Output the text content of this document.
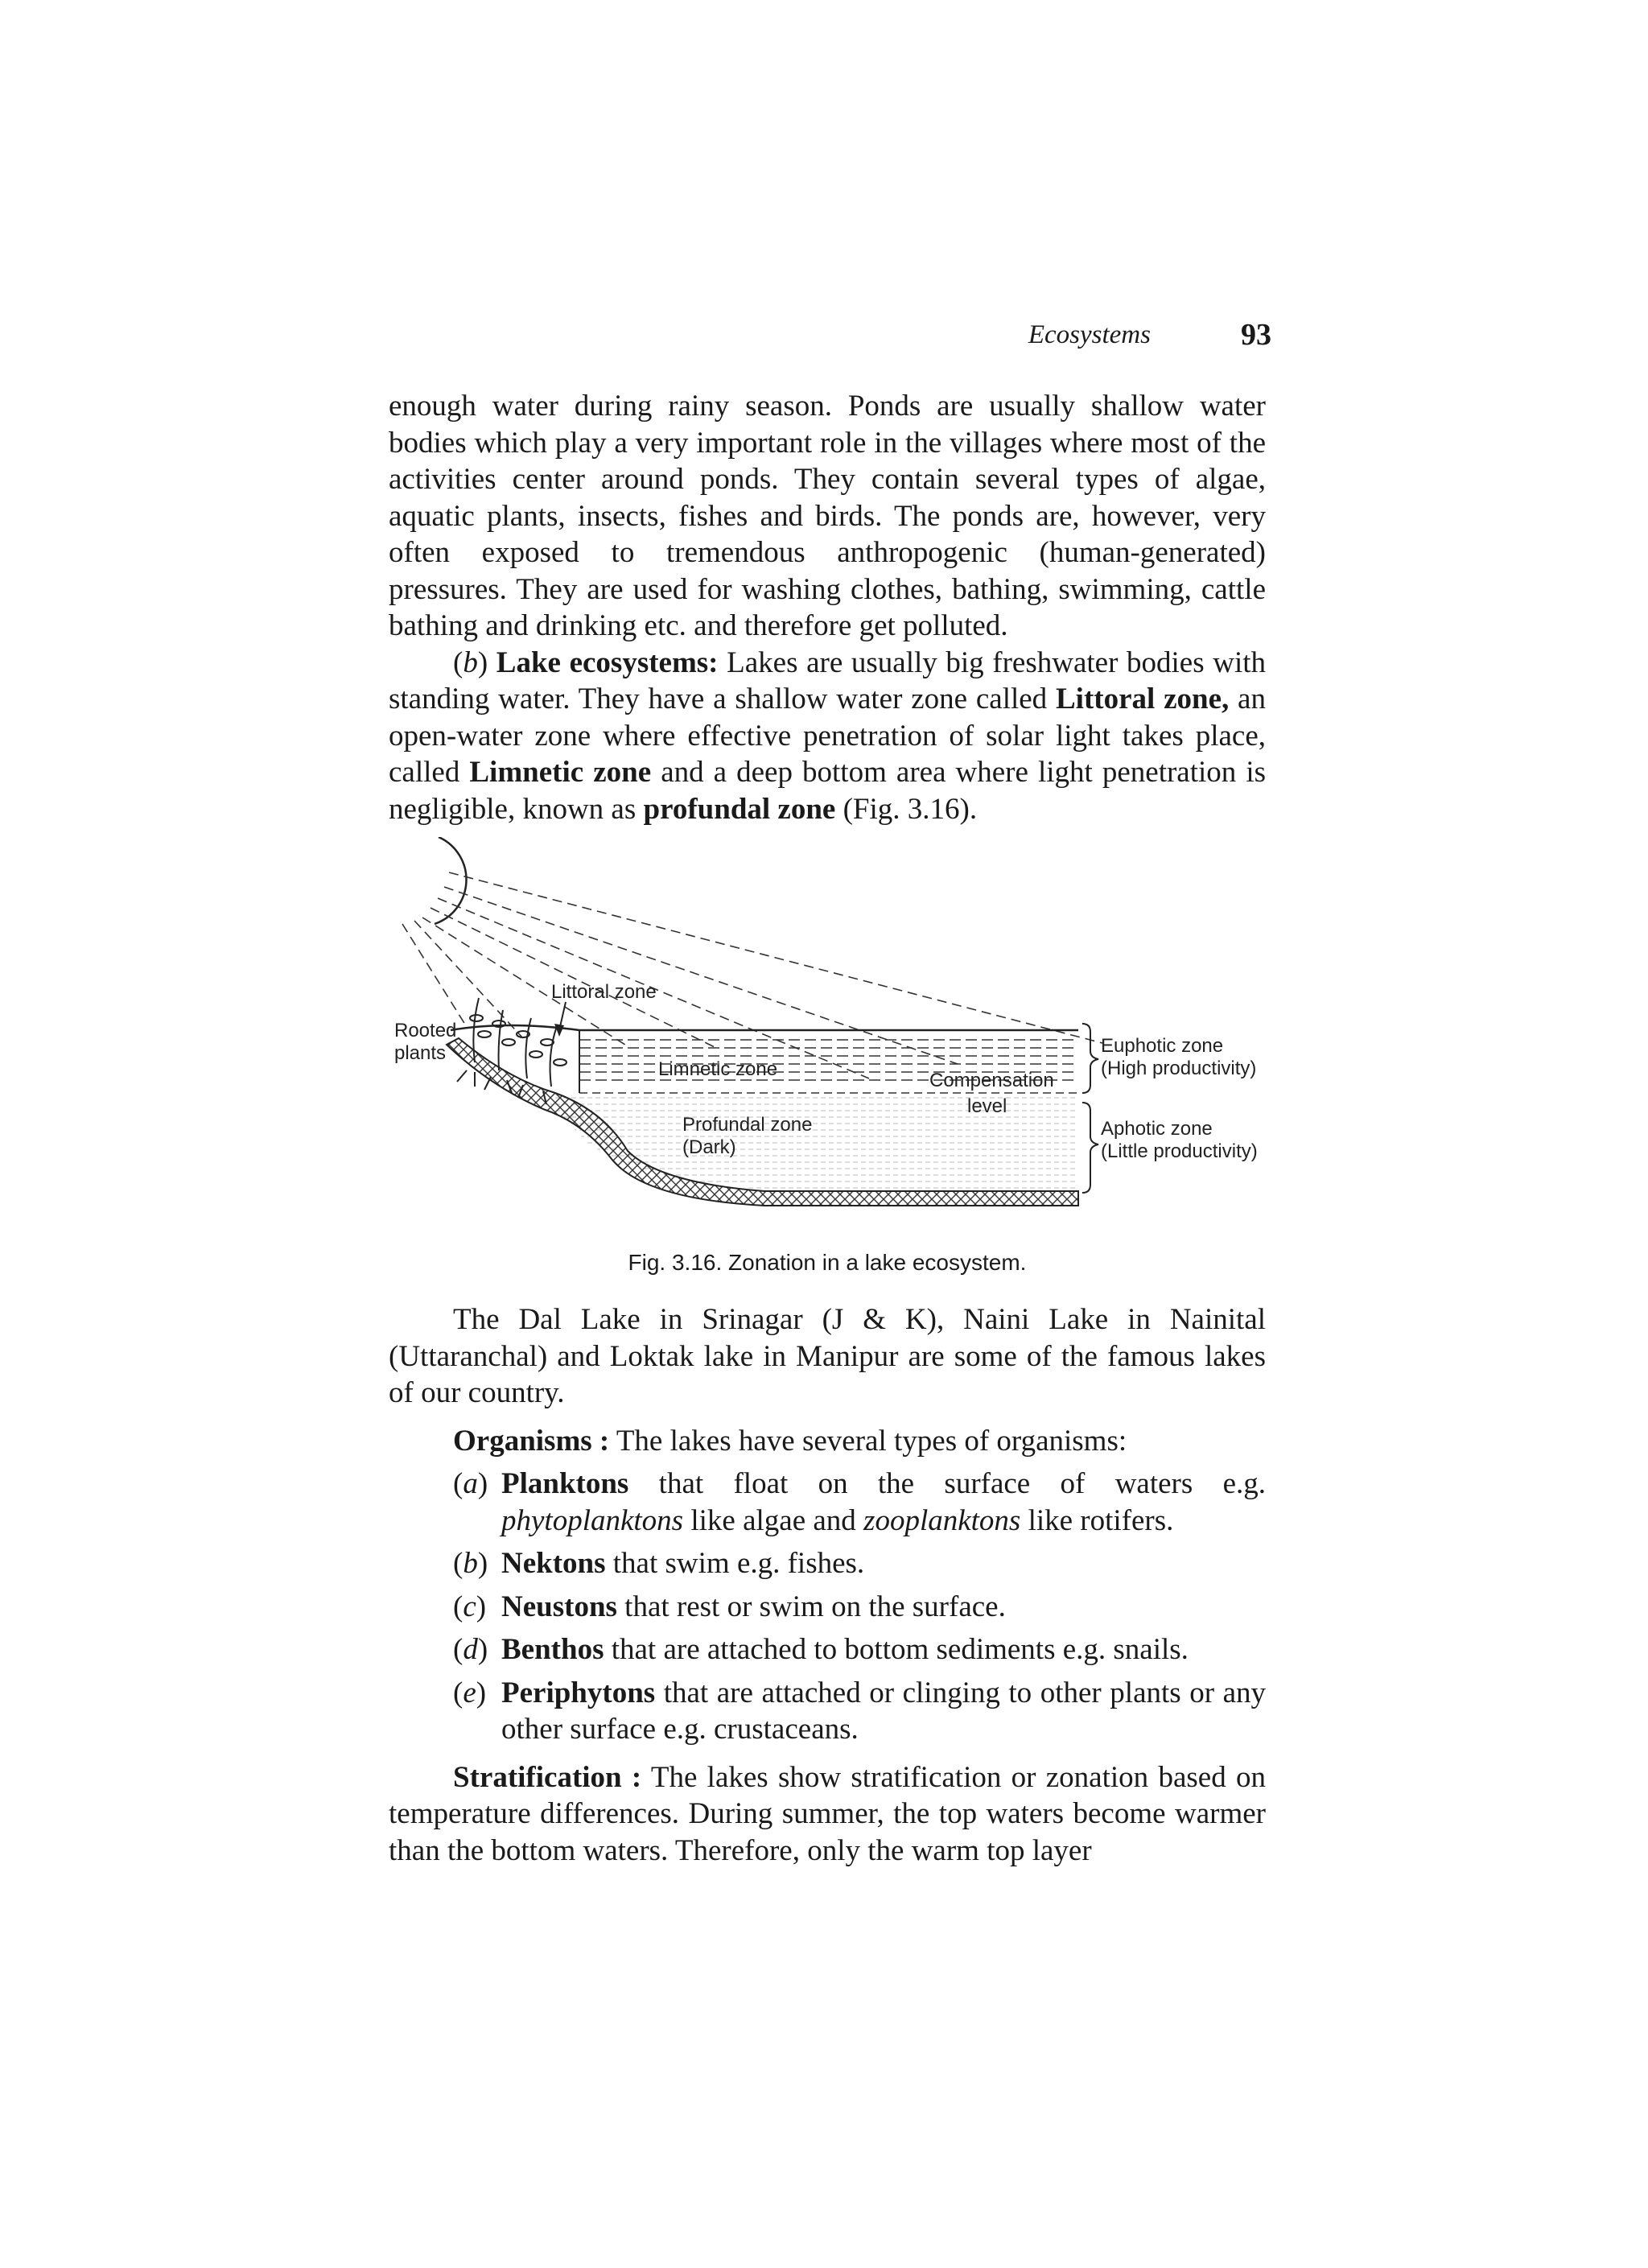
Ecosystems	93

enough water during rainy season. Ponds are usually shallow water bodies which play a very important role in the villages where most of the activities center around ponds. They contain several types of algae, aquatic plants, insects, fishes and birds. The ponds are, however, very often exposed to tremendous anthropogenic (human-generated) pressures. They are used for washing clothes, bathing, swimming, cattle bathing and drinking etc. and therefore get polluted.

(b) Lake ecosystems: Lakes are usually big freshwater bodies with standing water. They have a shallow water zone called Littoral zone, an open-water zone where effective penetration of solar light takes place, called Limnetic zone and a deep bottom area where light penetration is negligible, known as profundal zone (Fig. 3.16).

Littoral zone
Rooted
plants
Limnetic zone
Compensation
level
Profundal zone
(Dark)
Euphotic zone
(High productivity)
Aphotic zone
(Little productivity)
Fig. 3.16. Zonation in a lake ecosystem.

The Dal Lake in Srinagar (J & K), Naini Lake in Nainital (Uttaranchal) and Loktak lake in Manipur are some of the famous lakes of our country.

Organisms : The lakes have several types of organisms:

(a) Planktons that float on the surface of waters e.g. phytoplanktons like algae and zooplanktons like rotifers.
(b) Nektons that swim e.g. fishes.
(c) Neustons that rest or swim on the surface.
(d) Benthos that are attached to bottom sediments e.g. snails.
(e) Periphytons that are attached or clinging to other plants or any other surface e.g. crustaceans.

Stratification : The lakes show stratification or zonation based on temperature differences. During summer, the top waters become warmer than the bottom waters. Therefore, only the warm top layer
